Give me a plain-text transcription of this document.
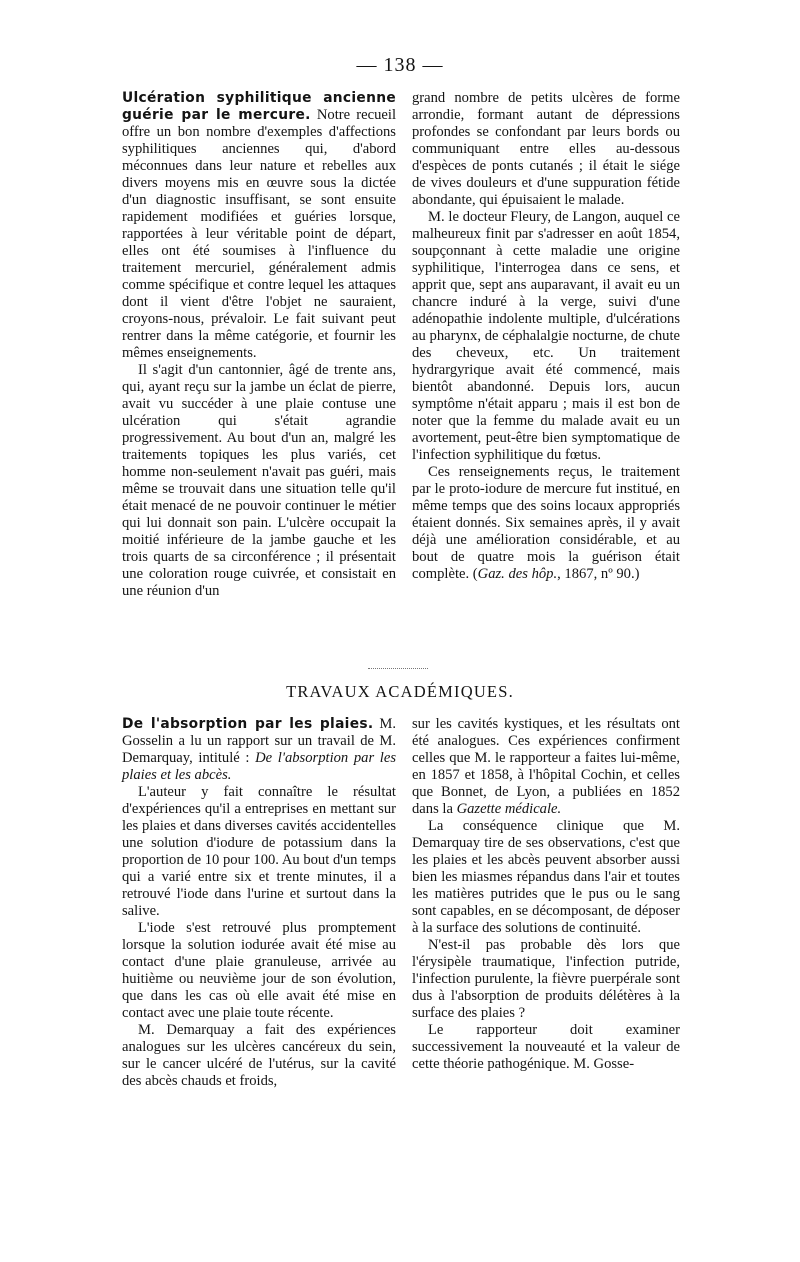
— 138 —

Ulcération syphilitique ancienne guérie par le mercure. Notre recueil offre un bon nombre d'exemples d'affections syphilitiques anciennes qui, d'abord méconnues dans leur nature et rebelles aux divers moyens mis en œuvre sous la dictée d'un diagnostic insuffisant, se sont ensuite rapidement modifiées et guéries lorsque, rapportées à leur véritable point de départ, elles ont été soumises à l'influence du traitement mercuriel, généralement admis comme spécifique et contre lequel les attaques dont il vient d'être l'objet ne sauraient, croyons-nous, prévaloir. Le fait suivant peut rentrer dans la même catégorie, et fournir les mêmes enseignements.

Il s'agit d'un cantonnier, âgé de trente ans, qui, ayant reçu sur la jambe un éclat de pierre, avait vu succéder à une plaie contuse une ulcération qui s'était agrandie progressivement. Au bout d'un an, malgré les traitements topiques les plus variés, cet homme non-seulement n'avait pas guéri, mais même se trouvait dans une situation telle qu'il était menacé de ne pouvoir continuer le métier qui lui donnait son pain. L'ulcère occupait la moitié inférieure de la jambe gauche et les trois quarts de sa circonférence ; il présentait une coloration rouge cuivrée, et consistait en une réunion d'un

grand nombre de petits ulcères de forme arrondie, formant autant de dépressions profondes se confondant par leurs bords ou communiquant entre elles au-dessous d'espèces de ponts cutanés ; il était le siége de vives douleurs et d'une suppuration fétide abondante, qui épuisaient le malade.

M. le docteur Fleury, de Langon, auquel ce malheureux finit par s'adresser en août 1854, soupçonnant à cette maladie une origine syphilitique, l'interrogea dans ce sens, et apprit que, sept ans auparavant, il avait eu un chancre induré à la verge, suivi d'une adénopathie indolente multiple, d'ulcérations au pharynx, de céphalalgie nocturne, de chute des cheveux, etc. Un traitement hydrargyrique avait été commencé, mais bientôt abandonné. Depuis lors, aucun symptôme n'était apparu ; mais il est bon de noter que la femme du malade avait eu un avortement, peut-être bien symptomatique de l'infection syphilitique du fœtus.

Ces renseignements reçus, le traitement par le proto-iodure de mercure fut institué, en même temps que des soins locaux appropriés étaient donnés. Six semaines après, il y avait déjà une amélioration considérable, et au bout de quatre mois la guérison était complète. (Gaz. des hôp., 1867, nº 90.)

TRAVAUX ACADÉMIQUES.

De l'absorption par les plaies. M. Gosselin a lu un rapport sur un travail de M. Demarquay, intitulé : De l'absorption par les plaies et les abcès.

L'auteur y fait connaître le résultat d'expériences qu'il a entreprises en mettant sur les plaies et dans diverses cavités accidentelles une solution d'iodure de potassium dans la proportion de 10 pour 100. Au bout d'un temps qui a varié entre six et trente minutes, il a retrouvé l'iode dans l'urine et surtout dans la salive.

L'iode s'est retrouvé plus promptement lorsque la solution iodurée avait été mise au contact d'une plaie granuleuse, arrivée au huitième ou neuvième jour de son évolution, que dans les cas où elle avait été mise en contact avec une plaie toute récente.

M. Demarquay a fait des expériences analogues sur les ulcères cancéreux du sein, sur le cancer ulcéré de l'utérus, sur la cavité des abcès chauds et froids,

sur les cavités kystiques, et les résultats ont été analogues. Ces expériences confirment celles que M. le rapporteur a faites lui-même, en 1857 et 1858, à l'hôpital Cochin, et celles que Bonnet, de Lyon, a publiées en 1852 dans la Gazette médicale.

La conséquence clinique que M. Demarquay tire de ses observations, c'est que les plaies et les abcès peuvent absorber aussi bien les miasmes répandus dans l'air et toutes les matières putrides que le pus ou le sang sont capables, en se décomposant, de déposer à la surface des solutions de continuité.

N'est-il pas probable dès lors que l'érysipèle traumatique, l'infection putride, l'infection purulente, la fièvre puerpérale sont dus à l'absorption de produits délétères à la surface des plaies ?

Le rapporteur doit examiner successivement la nouveauté et la valeur de cette théorie pathogénique. M. Gosse-
